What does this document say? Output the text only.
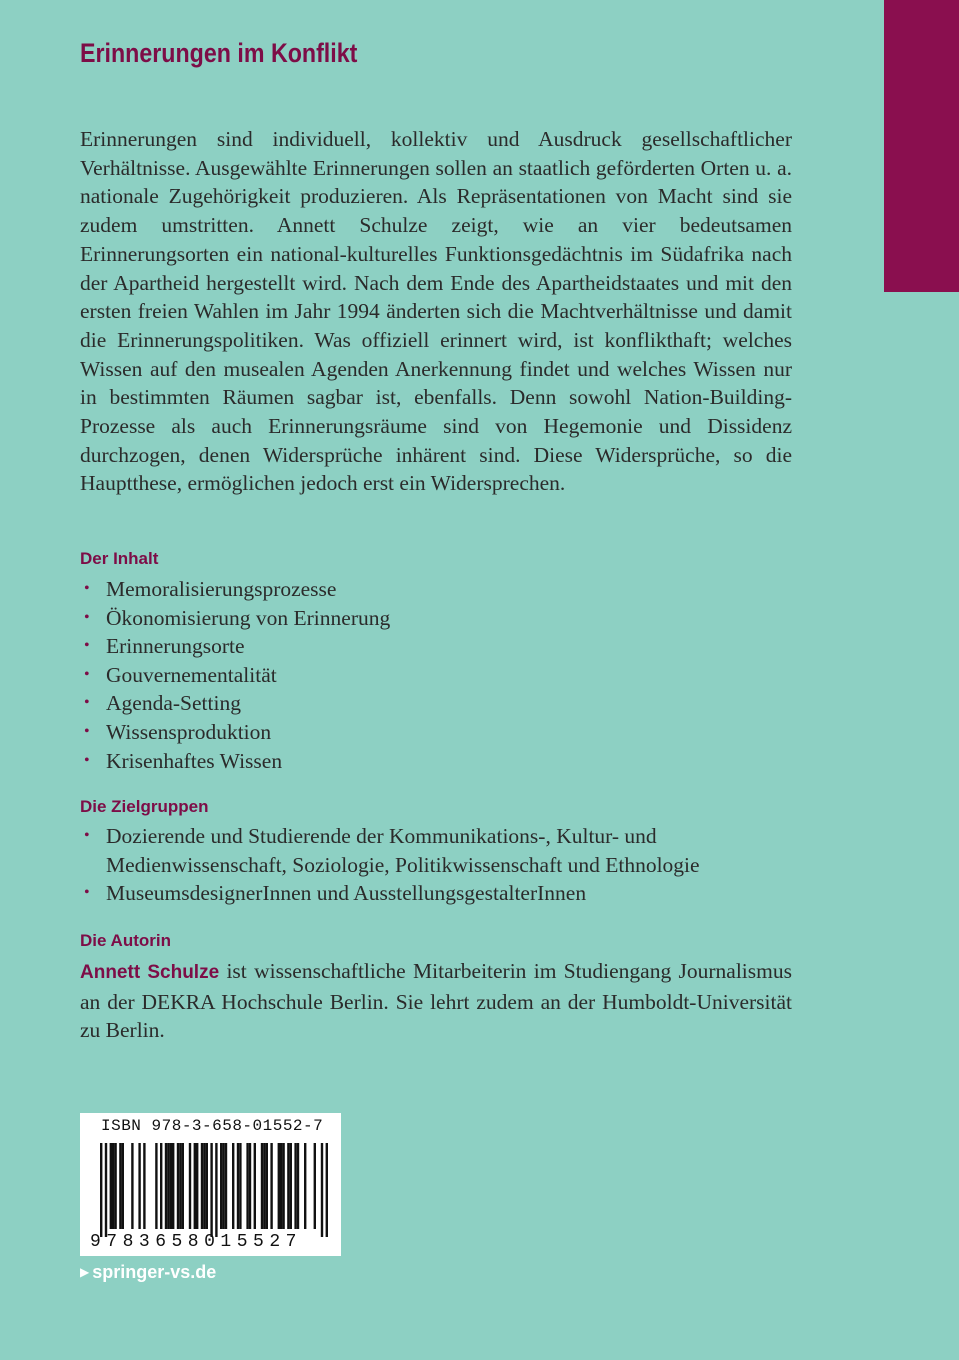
Erinnerungen im Konflikt
Erinnerungen sind individuell, kollektiv und Ausdruck gesellschaftlicher Verhältnisse. Ausgewählte Erinnerungen sollen an staatlich geförderten Orten u. a. nationale Zugehörigkeit produzieren. Als Repräsentationen von Macht sind sie zudem umstritten. Annett Schulze zeigt, wie an vier bedeutsamen Erinnerungsorten ein national-kulturelles Funktionsgedächtnis im Südafrika nach der Apartheid hergestellt wird. Nach dem Ende des Apartheidstaates und mit den ersten freien Wahlen im Jahr 1994 änderten sich die Machtverhältnisse und damit die Erinnerungspolitiken. Was offiziell erinnert wird, ist konflikthaft; welches Wissen auf den musealen Agenden Anerkennung findet und welches Wissen nur in bestimmten Räumen sagbar ist, ebenfalls. Denn sowohl Nation-Building-Prozesse als auch Erinnerungsräume sind von Hegemonie und Dissidenz durchzogen, denen Widersprüche inhärent sind. Diese Widersprüche, so die Hauptthese, ermöglichen jedoch erst ein Widersprechen.
Der Inhalt
• Memoralisierungsprozesse
• Ökonomisierung von Erinnerung
• Erinnerungsorte
• Gouvernementalität
• Agenda-Setting
• Wissensproduktion
• Krisenhaftes Wissen
Die Zielgruppen
• Dozierende und Studierende der Kommunikations-, Kultur- und Medienwissenschaft, Soziologie, Politikwissenschaft und Ethnologie
• MuseumsdesignerInnen und AusstellungsgestalterInnen
Die Autorin
Annett Schulze ist wissenschaftliche Mitarbeiterin im Studiengang Journalismus an der DEKRA Hochschule Berlin. Sie lehrt zudem an der Humboldt-Universität zu Berlin.
ISBN 978-3-658-01552-7
9783658015527
▶ springer-vs.de
